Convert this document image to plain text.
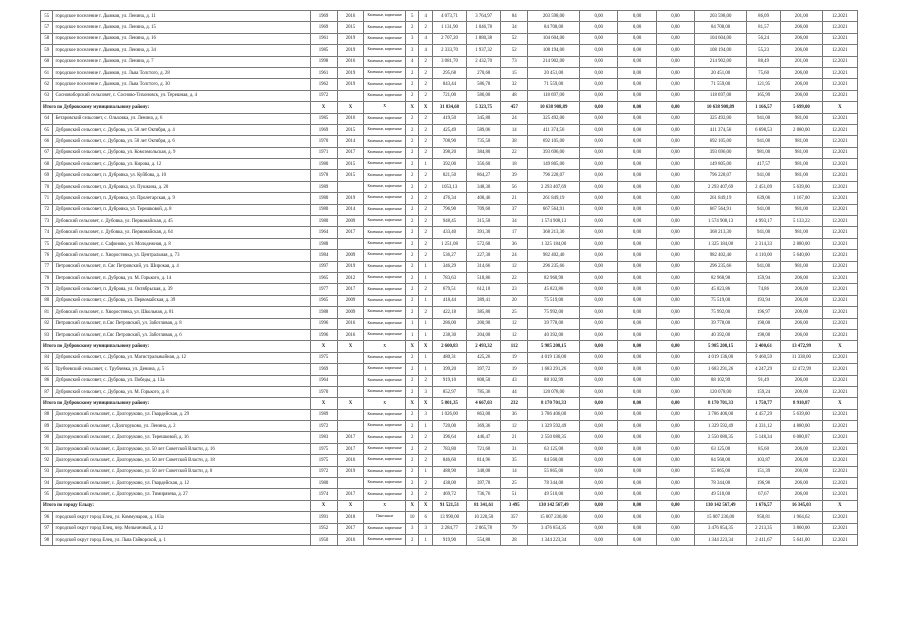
55	городское поселение г. Дымков, ул. Ленина, д. 11	1969	2016	Каменные, кирпичные	5	4	4 073,71	3 764,97	84	203 598,00	0,00	0,00	0,00	203 598,00	86,09	201,00	12.2021
57	городское поселение г. Дымков, ул. Ленина, д. 15	1969	2015	Каменные, кирпичные	2	2	1 131,90	1 046,78	34	84 708,00	0,00	0,00	0,00	84 708,00	81,57	206,00	12.2021
58	городское поселение г. Дымков, ул. Ленина, д. 16	1961	2019	Каменные, кирпичные	3	4	2 707,20	1 880,38	52	104 604,00	0,00	0,00	0,00	104 604,00	56,24	206,00	12.2021
59	городское поселение г. Дымков, ул. Ленина, д. 34	1985	2019	Каменные, кирпичные	3	4	2 333,70	1 937,32	52	108 194,00	0,00	0,00	0,00	108 194,00	55,23	206,00	12.2021
60	городское поселение г. Дымков, ул. Ленина, д. 7	1998	2016	Каменные, кирпичные	4	2	3 081,70	2 432,70	73	214 902,00	0,00	0,00	0,00	214 902,00	88,49	201,00	12.2021
61	городское поселение г. Дымков, ул. Льва Толстого, д. 28	1961	2019	Каменные, кирпичные	2	2	295,68	270,68	15	20 451,00	0,00	0,00	0,00	20 451,00	75,60	206,00	12.2021
62	городское поселение г. Дымков, ул. Льва Толстого, д. 30	1962	2019	Каменные, кирпичные	2	2	843,44	586,78	32	71 559,00	0,00	0,00	0,00	71 559,00	121,95	206,00	12.2021
63	Сосновоборский сельсовет, с. Сосново-Тихоновск, ул. Терешная, д. 4	1972		Каменные, кирпичные	2	2	721,00	586,00	48	118 697,00	0,00	0,00	0,00	118 697,00	165,99	206,00	12.2021
Итого по Дубровскому муниципальному району:		X	X	X	X	X	31 834,68	5 323,75	457	10 638 908,89	0,00	0,00	0,00	10 638 908,89	1 166,57	5 699,00	X
64	Бетаровский сельсовет, с. Ольховка, ул. Ленина, д. 6	1985	2016	Каменные, кирпичные	2	2	419,50	345,80	24	325 492,00	0,00	0,00	0,00	325 492,00	941,00	981,00	12.2021
65	Дубровский сельсовет, с. Дуброва, ул. 50 лет Октября, д. 4	1969	2015	Каменные, кирпичные	2	2	425,49	589,06	14	411 374,56	0,00	0,00	0,00	411 374,56	6 698,53	2 880,00	12.2021
66	Дубровский сельсовет, с. Дуброва, ул. 50 лет Октября, д. 6	1970	2014	Каменные, кирпичные	2	2	708,90	735,50	38	692 105,00	0,00	0,00	0,00	692 105,00	941,00	981,00	12.2021
67	Дубровский сельсовет, с. Дуброва, ул. Комсомольская, д. 9	1971	2017	Каменные, кирпичные	2	2	398,20	384,80	22	393 696,00	0,00	0,00	0,00	393 696,00	981,00	981,00	12.2021
68	Дубровский сельсовет, с. Дуброва, ул. Кирова, д. 12	1980	2015	Каменные, кирпичные	2	1	392,00	356,60	18	149 805,00	0,00	0,00	0,00	149 805,00	417,57	981,00	12.2021
69	Дубровский сельсовет, п. Дубровка, ул. Куйбова, д. 10	1978	2015	Каменные, кирпичные	2	2	821,50	864,27	39	796 228,07	0,00	0,00	0,00	796 228,07	941,00	981,00	12.2021
70	Дубровский сельсовет, п. Дубровка, ул. Пушкина, д. 20	1989		Каменные, кирпичные	2	2	1053,13	348,30	56	2 293 407,69	0,00	0,00	0,00	2 293 407,69	2 451,09	5 639,00	12.2021
71	Дубровский сельсовет, п. Дубровка, ул. Пролетарская, д. 9	1980	2019	Каменные, кирпичные	2	2	476,34	408,46	21	261 849,19	0,00	0,00	0,00	261 849,19	639,06	1 167,00	12.2021
72	Дубровский сельсовет, п. Дубровка, ул. Терешковой, д. 8	1980	2014	Каменные, кирпичные	2	2	796,90	709,60	37	667 564,91	0,00	0,00	0,00	667 564,91	941,00	981,00	12.2021
73	Дубовский сельсовет, с. Дубовка, ул. Первомайская, д. 45	1980	2009	Каменные, кирпичные	2	2	948,45	315,50	34	1 574 908,13	0,00	0,00	0,00	1 574 908,13	4 993,17	5 133,22	12.2021
74	Дубовский сельсовет, с. Дубовка, ул. Первомайская, д. 64	1964	2017	Каменные, кирпичные	2	2	433,40	391,30	17	368 213,30	0,00	0,00	0,00	368 213,30	941,00	981,00	12.2021
75	Дубовский сельсовет, с. Сафоново, ул. Молодежная, д. 8	1988		Каменные, кирпичные	2	2	1 251,08	572,68	36	1 325 184,00	0,00	0,00	0,00	1 325 184,00	2 314,33	2 880,00	12.2021
76	Дубовский сельсовет, с. Хворостянка, ул. Центральная, д. 73	1984	2009	Каменные, кирпичные	2	2	536,27	227,30	24	982 402,40	0,00	0,00	0,00	982 402,40	4 110,00	5 640,00	12.2021
77	Петровский сельсовет, п. Сяс Петровский, ул. Широкая, д. 4	1997	2019	Каменные, кирпичные	2	1	346,29	314,66	12	296 235,66	0,00	0,00	0,00	296 235,66	941,00	981,00	12.2021
78	Петровский сельсовет, п. Дуброва, ул. М. Горького, д. 14	1965	2012	Каменные, кирпичные	2	1	783,63	518,86	22	82 968,98	0,00	0,00	0,00	82 968,98	159,94	206,00	12.2021
79	Дубровский сельсовет, п. Дуброва, ул. Октябрьская, д. 39	1977	2017	Каменные, кирпичные	2	2	679,51	612,10	23	45 823,86	0,00	0,00	0,00	45 823,86	74,86	206,00	12.2021
80	Дубровский сельсовет, с. Дуброва, ул. Первомайская, д. 39	1965	2009	Каменные, кирпичные	2	1	418,44	389,41	20	75 519,00	0,00	0,00	0,00	75 519,00	193,94	206,00	12.2021
81	Дубовский сельсовет, с. Хворостянка, ул. Школьная, д. 81	1988	2009	Каменные, кирпичные	2	2	422,18	385,80	25	75 992,00	0,00	0,00	0,00	75 992,00	196,97	206,00	12.2021
82	Петровский сельсовет, п.Сяс Петровский, ул. Заботливая, д. 8	1996	2016	Каменные, кирпичные	1	1	286,00	200,90	12	39 778,00	0,00	0,00	0,00	39 778,00	198,00	206,00	12.2021
83	Петровский сельсовет, п.Сяс Петровский, ул. Заботливая, д. 6	1996	2016	Каменные, кирпичные	1	1	238,30	204,00	12	40 392,00	0,00	0,00	0,00	40 392,00	198,00	206,00	12.2021
Итого по Дубровскому муниципальному району:		X	X	X	X	X	2 600,83	2 493,32	112	5 985 208,15	0,00	0,00	0,00	5 985 208,15	2 400,61	13 472,99	X
84	Дубровский сельсовет, с. Дуброва, ул. Магистральныйная, д. 12	1975		Каменные, кирпичные	2	1	480,31	425,26	19	4 019 136,00	0,00	0,00	0,00	4 019 136,00	9 460,59	11 338,00	12.2021
85	Трубчевский сельсовет, с. Трубчевка, ул. Денина, д. 5	1969		Каменные, кирпичные	2	1	399,20	397,72	19	1 683 291,26	0,00	0,00	0,00	1 683 291,26	4 247,29	12 472,99	12.2021
86	Дубровский сельсовет, с. Дуброва, ул. Победы, д. 13а	1964		Каменные, кирпичные	2	2	919,10	808,50	43	88 102,99	0,00	0,00	0,00	88 102,99	91,49	206,00	12.2021
87	Дубровский сельсовет, с. Дуброва, ул. М. Горького, д. 8	1970		Каменные, кирпичные	2	3	852,97	785,36	44	120 078,00	0,00	0,00	0,00	120 078,00	159,24	206,00	12.2021
Итого по Дубровскому муниципальному району:		X	X	X	X	X	5 801,35	4 667,03	232	8 170 701,33	0,00	0,00	0,00	8 170 701,33	1 750,77	8 910,87	X
88	Долгоруковский сельсовет, с. Долгоруково, ул. Гвардейская, д. 29	1989		Каменные, кирпичные	2	3	1 026,00	863,00	36	3 786 406,00	0,00	0,00	0,00	3 786 406,00	4 457,29	5 639,00	12.2021
89	Долгоруковский сельсовет, с.Долгоруково, ул. Ленина, д. 2	1972		Каменные, кирпичные	2	1	720,00	369,36	12	1 329 592,49	0,00	0,00	0,00	1 329 592,49	4 331,12	4 880,00	12.2021
90	Долгоруковский сельсовет, с. Долгоруково, ул. Терешковой, д. 16	1983	2017	Каменные, кирпичные	2	2	396,64	446,47	21	2 550 080,35	0,00	0,00	0,00	2 550 080,35	5 148,34	6 080,87	12.2021
91	Долгоруковский сельсовет, с. Долгоруково, ул. 50 лет Советской Власти, д. 16	1975	2017	Каменные, кирпичные	2	2	783,80	721,60	31	63 125,00	0,00	0,00	0,00	63 125,00	85,60	206,00	12.2021
92	Долгоруковский сельсовет, с. Долгоруково, ул. 50 лет Советской Власти, д. 18	1975	2016	Каменные, кирпичные	2	2	846,60	814,96	35	84 560,00	0,00	0,00	0,00	84 560,00	103,87	206,00	12.2021
93	Долгоруковский сельсовет, с. Долгоруково, ул. 50 лет Советской Власти, д. 8	1972	2019	Каменные, кирпичные	2	1	488,90	348,08	14	55 865,00	0,00	0,00	0,00	55 865,00	151,39	206,00	12.2021
94	Долгоруковский сельсовет, с. Долгоруково, ул. Гвардейская, д. 12	1980		Каменные, кирпичные	2	2	438,00	397,78	25	78 344,00	0,00	0,00	0,00	78 344,00	196,96	206,00	12.2021
95	Долгоруковский сельсовет, с. Долгоруково, ул. Тимирязева, д. 27	1974	2017	Каменные, кирпичные	2	2	469,72	736,76	51	49 510,00	0,00	0,00	0,00	49 510,00	67,67	206,00	12.2021
Итого по городу Ельцу:		X	X	X	X	X	91 521,51	81 341,61	3 495	130 142 567,49	0,00	0,00	0,00	130 142 567,49	1 676,57	16 345,03	X
96	городской округ город Елец, ул. Коммунаров, д. 163а	1991	2018	Панельные	10	6	13 990,00	10 220,50	357	15 007 236,00	0,00	0,00	0,00	15 007 236,00	958,81	1 964,62	12.2021
97	городской округ город Елец, пер. Мельничный, д. 12	1952	2017	Каменные, кирпичные	3	3	2 284,77	2 065,78	79	3 476 854,35	0,00	0,00	0,00	3 476 854,35	2 213,35	3 860,00	12.2021
98	городской округ город Елец, ул. Льва Гайворской, д. 1	1950	2016	Каменные, кирпичные	2	1	919,90	554,88	28	1 344 223,34	0,00	0,00	0,00	1 344 223,34	2 411,67	5 641,00	12.2021
